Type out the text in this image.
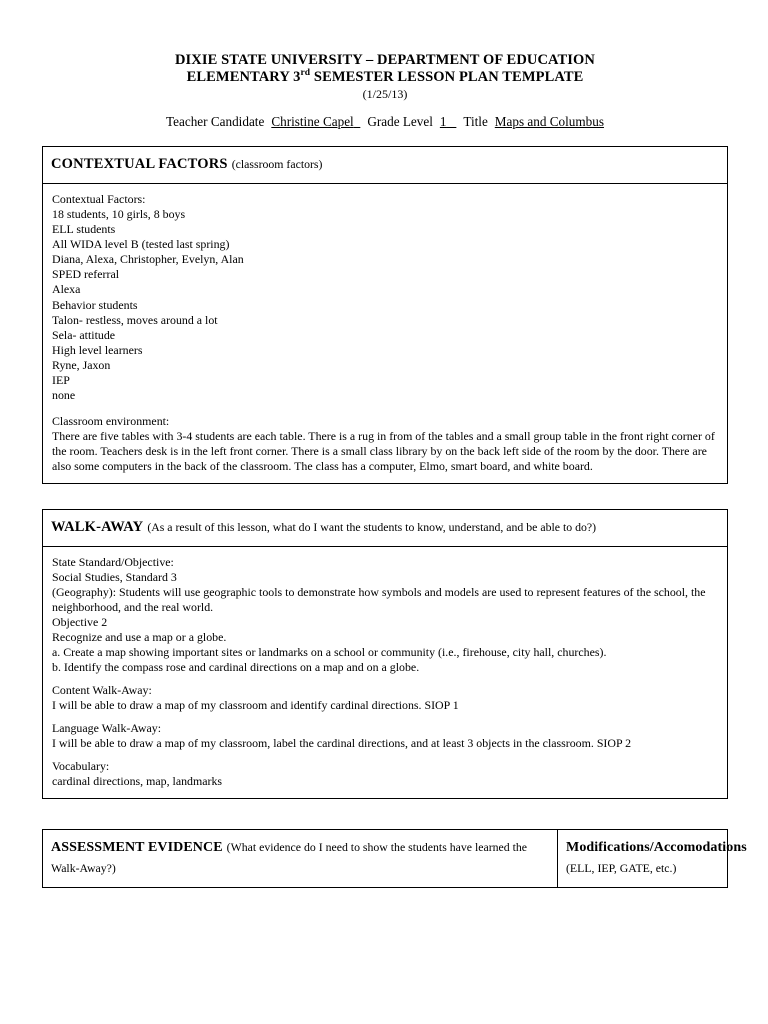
DIXIE STATE UNIVERSITY – DEPARTMENT OF EDUCATION
ELEMENTARY 3rd SEMESTER LESSON PLAN TEMPLATE
(1/25/13)
Teacher Candidate Christine Capel Grade Level 1 Title Maps and Columbus
CONTEXTUAL FACTORS (classroom factors)

Contextual Factors:

18 students, 10 girls, 8 boys

ELL students

All WIDA level B (tested last spring)

Diana, Alexa, Christopher, Evelyn, Alan

SPED referral

Alexa

Behavior students

Talon- restless, moves around a lot

Sela- attitude

High level learners

Ryne, Jaxon

IEP

none

Classroom environment:

There are five tables with 3-4 students are each table. There is a rug in from of the tables and a small group table in the front right corner of the room. Teachers desk is in the left front corner. There is a small class library by on the back left side of the room by the door. There are also some computers in the back of the classroom. The class has a computer, Elmo, smart board, and white board.

WALK-AWAY (As a result of this lesson, what do I want the students to know, understand, and be able to do?)

State Standard/Objective:

Social Studies, Standard 3

(Geography): Students will use geographic tools to demonstrate how symbols and models are used to represent features of the school, the neighborhood, and the real world.

Objective 2

Recognize and use a map or a globe.

a. Create a map showing important sites or landmarks on a school or community (i.e., firehouse, city hall, churches).

b. Identify the compass rose and cardinal directions on a map and on a globe.

Content Walk-Away:

I will be able to draw a map of my classroom and identify cardinal directions. SIOP 1

Language Walk-Away:

I will be able to draw a map of my classroom, label the cardinal directions, and at least 3 objects in the classroom. SIOP 2

Vocabulary:

cardinal directions, map, landmarks

ASSESSMENT EVIDENCE (What evidence do I need to show the students have learned the Walk-Away?)
Modifications/Accomodations (ELL, IEP, GATE, etc.)
